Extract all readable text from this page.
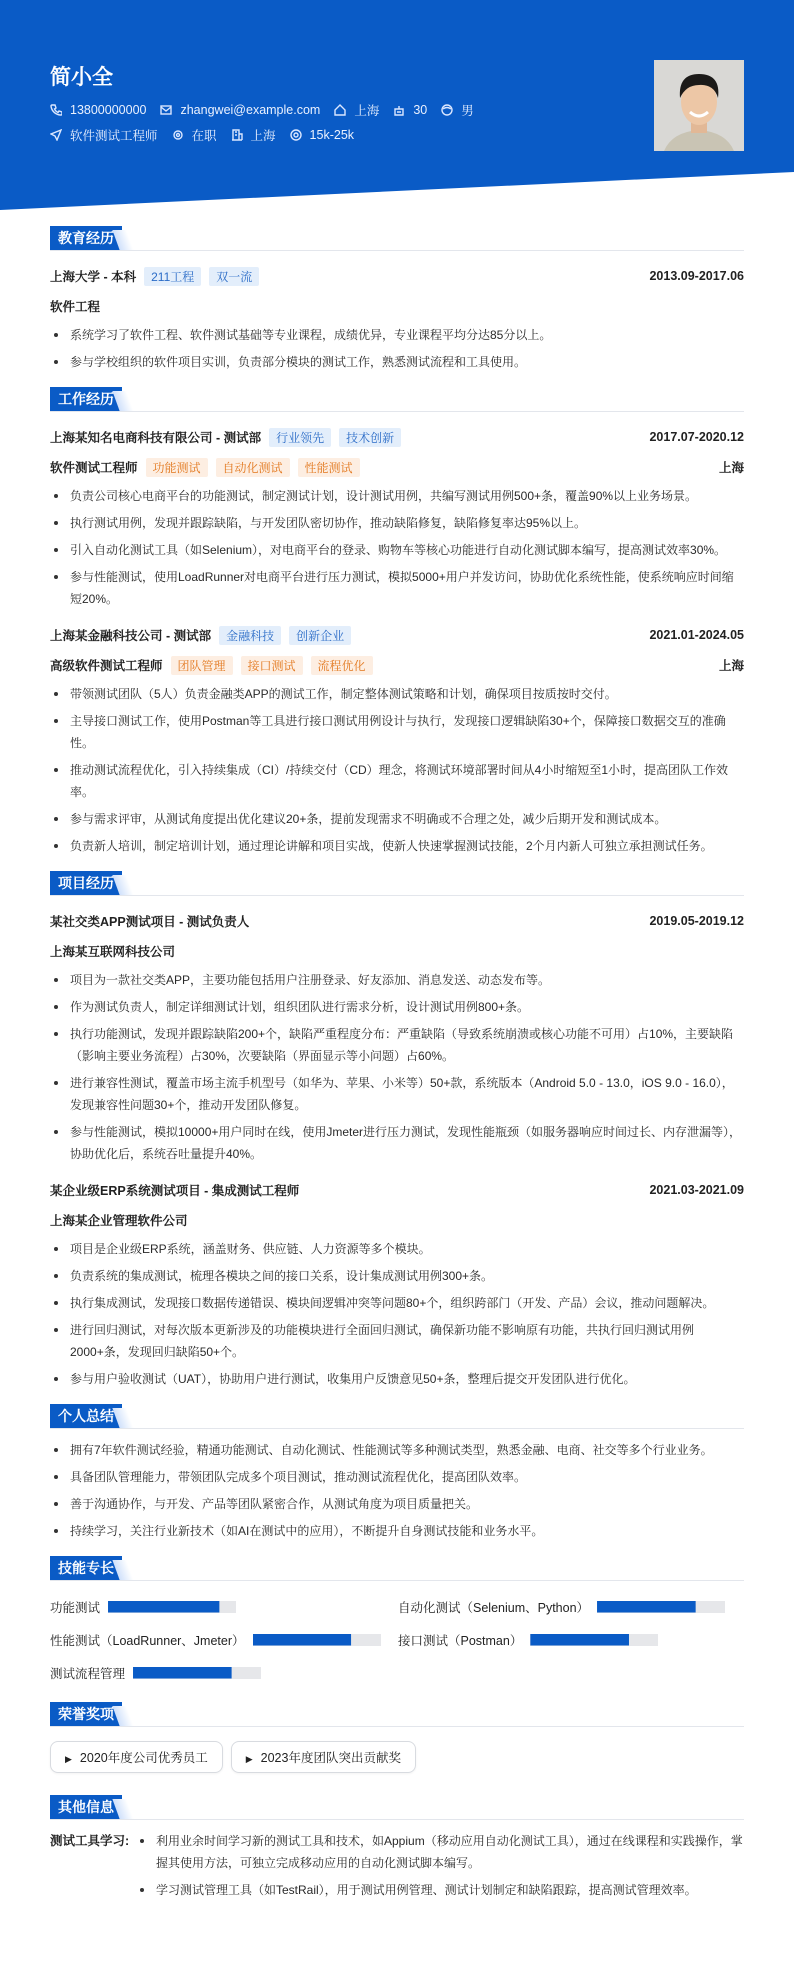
简小全
13800000000	zhangwei@example.com	上海	30	男
软件测试工程师	在职	上海	15k-25k
教育经历
上海大学 - 本科	211工程	双一流	2013.09-2017.06
软件工程
系统学习了软件工程、软件测试基础等专业课程，成绩优异，专业课程平均分达85分以上。
参与学校组织的软件项目实训，负责部分模块的测试工作，熟悉测试流程和工具使用。
工作经历
上海某知名电商科技有限公司 - 测试部	行业领先	技术创新	2017.07-2020.12
软件测试工程师	功能测试	自动化测试	性能测试	上海
负责公司核心电商平台的功能测试，制定测试计划，设计测试用例，共编写测试用例500+条，覆盖90%以上业务场景。
执行测试用例，发现并跟踪缺陷，与开发团队密切协作，推动缺陷修复，缺陷修复率达95%以上。
引入自动化测试工具（如Selenium），对电商平台的登录、购物车等核心功能进行自动化测试脚本编写，提高测试效率30%。
参与性能测试，使用LoadRunner对电商平台进行压力测试，模拟5000+用户并发访问，协助优化系统性能，使系统响应时间缩短20%。
上海某金融科技公司 - 测试部	金融科技	创新企业	2021.01-2024.05
高级软件测试工程师	团队管理	接口测试	流程优化	上海
带领测试团队（5人）负责金融类APP的测试工作，制定整体测试策略和计划，确保项目按质按时交付。
主导接口测试工作，使用Postman等工具进行接口测试用例设计与执行，发现接口逻辑缺陷30+个，保障接口数据交互的准确性。
推动测试流程优化，引入持续集成（CI）/持续交付（CD）理念，将测试环境部署时间从4小时缩短至1小时，提高团队工作效率。
参与需求评审，从测试角度提出优化建议20+条，提前发现需求不明确或不合理之处，减少后期开发和测试成本。
负责新人培训，制定培训计划，通过理论讲解和项目实战，使新人快速掌握测试技能，2个月内新人可独立承担测试任务。
项目经历
某社交类APP测试项目 - 测试负责人	2019.05-2019.12
上海某互联网科技公司
项目为一款社交类APP，主要功能包括用户注册登录、好友添加、消息发送、动态发布等。
作为测试负责人，制定详细测试计划，组织团队进行需求分析，设计测试用例800+条。
执行功能测试，发现并跟踪缺陷200+个，缺陷严重程度分布：严重缺陷（导致系统崩溃或核心功能不可用）占10%，主要缺陷（影响主要业务流程）占30%，次要缺陷（界面显示等小问题）占60%。
进行兼容性测试，覆盖市场主流手机型号（如华为、苹果、小米等）50+款，系统版本（Android 5.0 - 13.0，iOS 9.0 - 16.0），发现兼容性问题30+个，推动开发团队修复。
参与性能测试，模拟10000+用户同时在线，使用Jmeter进行压力测试，发现性能瓶颈（如服务器响应时间过长、内存泄漏等），协助优化后，系统吞吐量提升40%。
某企业级ERP系统测试项目 - 集成测试工程师	2021.03-2021.09
上海某企业管理软件公司
项目是企业级ERP系统，涵盖财务、供应链、人力资源等多个模块。
负责系统的集成测试，梳理各模块之间的接口关系，设计集成测试用例300+条。
执行集成测试，发现接口数据传递错误、模块间逻辑冲突等问题80+个，组织跨部门（开发、产品）会议，推动问题解决。
进行回归测试，对每次版本更新涉及的功能模块进行全面回归测试，确保新功能不影响原有功能，共执行回归测试用例2000+条，发现回归缺陷50+个。
参与用户验收测试（UAT），协助用户进行测试，收集用户反馈意见50+条，整理后提交开发团队进行优化。
个人总结
拥有7年软件测试经验，精通功能测试、自动化测试、性能测试等多种测试类型，熟悉金融、电商、社交等多个行业业务。
具备团队管理能力，带领团队完成多个项目测试，推动测试流程优化，提高团队效率。
善于沟通协作，与开发、产品等团队紧密合作，从测试角度为项目质量把关。
持续学习，关注行业新技术（如AI在测试中的应用），不断提升自身测试技能和业务水平。
技能专长
功能测试	自动化测试（Selenium、Python）
性能测试（LoadRunner、Jmeter）	接口测试（Postman）
测试流程管理
荣誉奖项
▶ 2020年度公司优秀员工	▶ 2023年度团队突出贡献奖
其他信息
测试工具学习:	利用业余时间学习新的测试工具和技术，如Appium（移动应用自动化测试工具），通过在线课程和实践操作，掌握其使用方法，可独立完成移动应用的自动化测试脚本编写。
学习测试管理工具（如TestRail），用于测试用例管理、测试计划制定和缺陷跟踪，提高测试管理效率。
